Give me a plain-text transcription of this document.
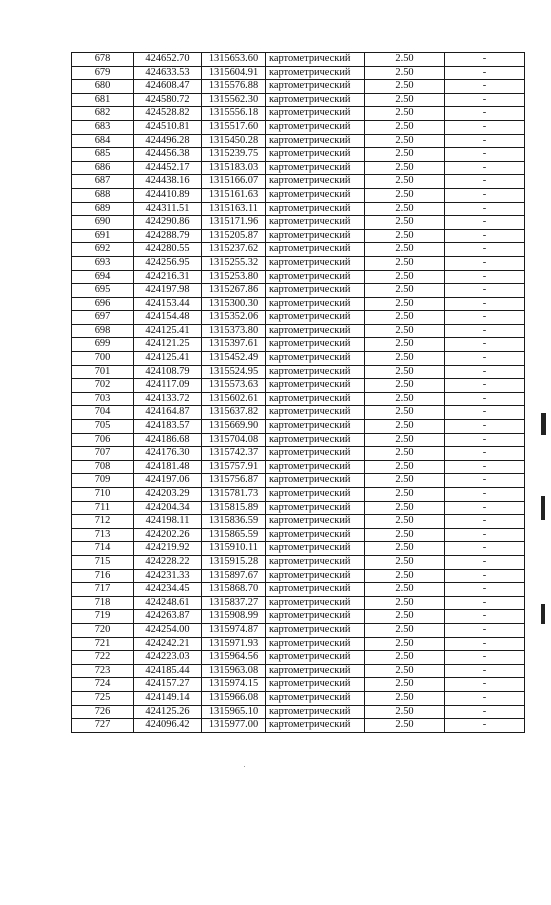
678	424652.70	1315653.60	картометрический	2.50	-
679	424633.53	1315604.91	картометрический	2.50	-
680	424608.47	1315576.88	картометрический	2.50	-
681	424580.72	1315562.30	картометрический	2.50	-
682	424528.82	1315556.18	картометрический	2.50	-
683	424510.81	1315517.60	картометрический	2.50	-
684	424496.28	1315450.28	картометрический	2.50	-
685	424456.38	1315239.75	картометрический	2.50	-
686	424452.17	1315183.03	картометрический	2.50	-
687	424438.16	1315166.07	картометрический	2.50	-
688	424410.89	1315161.63	картометрический	2.50	-
689	424311.51	1315163.11	картометрический	2.50	-
690	424290.86	1315171.96	картометрический	2.50	-
691	424288.79	1315205.87	картометрический	2.50	-
692	424280.55	1315237.62	картометрический	2.50	-
693	424256.95	1315255.32	картометрический	2.50	-
694	424216.31	1315253.80	картометрический	2.50	-
695	424197.98	1315267.86	картометрический	2.50	-
696	424153.44	1315300.30	картометрический	2.50	-
697	424154.48	1315352.06	картометрический	2.50	-
698	424125.41	1315373.80	картометрический	2.50	-
699	424121.25	1315397.61	картометрический	2.50	-
700	424125.41	1315452.49	картометрический	2.50	-
701	424108.79	1315524.95	картометрический	2.50	-
702	424117.09	1315573.63	картометрический	2.50	-
703	424133.72	1315602.61	картометрический	2.50	-
704	424164.87	1315637.82	картометрический	2.50	-
705	424183.57	1315669.90	картометрический	2.50	-
706	424186.68	1315704.08	картометрический	2.50	-
707	424176.30	1315742.37	картометрический	2.50	-
708	424181.48	1315757.91	картометрический	2.50	-
709	424197.06	1315756.87	картометрический	2.50	-
710	424203.29	1315781.73	картометрический	2.50	-
711	424204.34	1315815.89	картометрический	2.50	-
712	424198.11	1315836.59	картометрический	2.50	-
713	424202.26	1315865.59	картометрический	2.50	-
714	424219.92	1315910.11	картометрический	2.50	-
715	424228.22	1315915.28	картометрический	2.50	-
716	424231.33	1315897.67	картометрический	2.50	-
717	424234.45	1315868.70	картометрический	2.50	-
718	424248.61	1315837.27	картометрический	2.50	-
719	424263.87	1315908.99	картометрический	2.50	-
720	424254.00	1315974.87	картометрический	2.50	-
721	424242.21	1315971.93	картометрический	2.50	-
722	424223.03	1315964.56	картометрический	2.50	-
723	424185.44	1315963.08	картометрический	2.50	-
724	424157.27	1315974.15	картометрический	2.50	-
725	424149.14	1315966.08	картометрический	2.50	-
726	424125.26	1315965.10	картометрический	2.50	-
727	424096.42	1315977.00	картометрический	2.50	-
